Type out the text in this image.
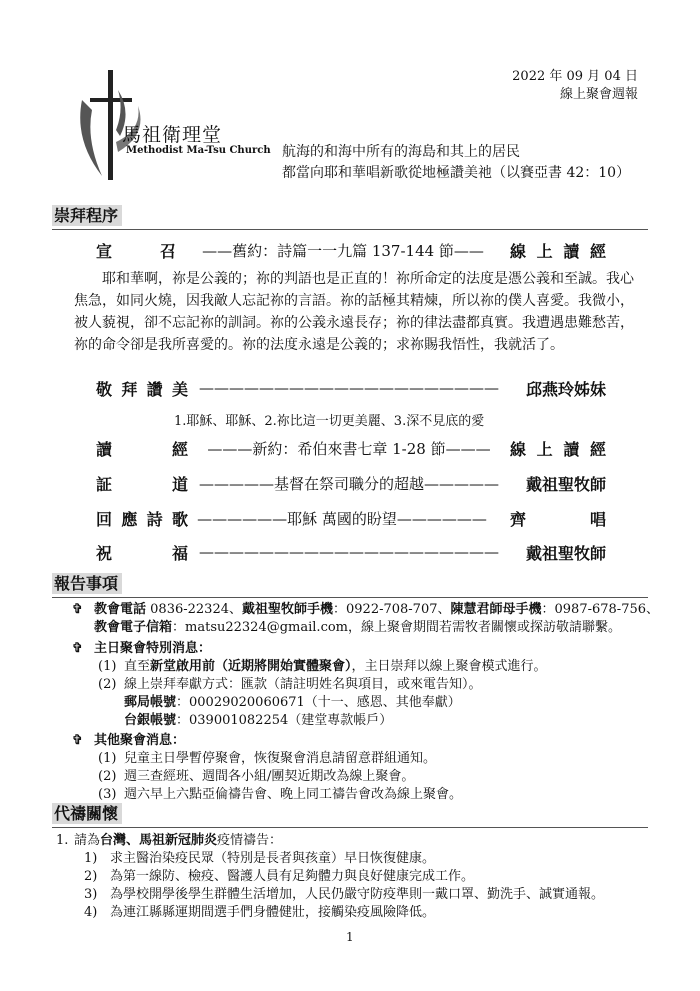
2022 年 09 月 04 日
線上聚會週報
馬祖衛理堂
Methodist Ma-Tsu Church 航海的和海中所有的海島和其上的居民
都當向耶和華唱新歌從地極讚美祂（以賽亞書 42：10）
崇拜程序
宣	召	——舊約：詩篇一一九篇 137-144 節——	線 上 讀 經
耶和華啊，祢是公義的；祢的判語也是正直的！祢所命定的法度是憑公義和至誠。我心焦急，如同火燒，因我敵人忘記祢的言語。祢的話極其精煉，所以祢的僕人喜愛。我微小，被人藐視，卻不忘記祢的訓詞。祢的公義永遠長存；祢的律法盡都真實。我遭遇患難愁苦，祢的命令卻是我所喜愛的。祢的法度永遠是公義的；求祢賜我悟性，我就活了。
敬 拜 讚 美 ————————————————————	邱燕玲姊妹
1.耶穌、耶穌、2.祢比這一切更美麗、3.深不見底的愛
讀	經	———新約：希伯來書七章 1-28 節———	線 上 讀 經
証	道 —————基督在祭司職分的超越—————	戴祖聖牧師
回 應 詩 歌 ——————耶穌 萬國的盼望——————	齊	唱
祝	福 ————————————————————	戴祖聖牧師
報告事項
✞ 教會電話 0836-22324、戴祖聖牧師手機：0922-708-707、陳慧君師母手機：0987-678-756、
教會電子信箱：matsu22324@gmail.com，線上聚會期間若需牧者關懷或探訪敬請聯繫。
✞ 主日聚會特別消息：
(1) 直至新堂啟用前（近期將開始實體聚會），主日崇拜以線上聚會模式進行。
(2) 線上崇拜奉獻方式：匯款（請註明姓名與項目，或來電告知）。
郵局帳號：00029020060671（十一、感恩、其他奉獻）
台銀帳號：039001082254（建堂專款帳戶）
✞ 其他聚會消息：
(1) 兒童主日學暫停聚會，恢復聚會消息請留意群組通知。
(2) 週三查經班、週間各小組/團契近期改為線上聚會。
(3) 週六早上六點亞倫禱告會、晚上同工禱告會改為線上聚會。
代禱關懷
1. 請為台灣、馬祖新冠肺炎疫情禱告：
1) 求主醫治染疫民眾（特別是長者與孩童）早日恢復健康。
2) 為第一線防、檢疫、醫護人員有足夠體力與良好健康完成工作。
3) 為學校開學後學生群體生活增加，人民仍嚴守防疫準則一戴口罩、勤洗手、誠實通報。
4) 為連江縣縣運期間選手們身體健壯，接觸染疫風險降低。
1
